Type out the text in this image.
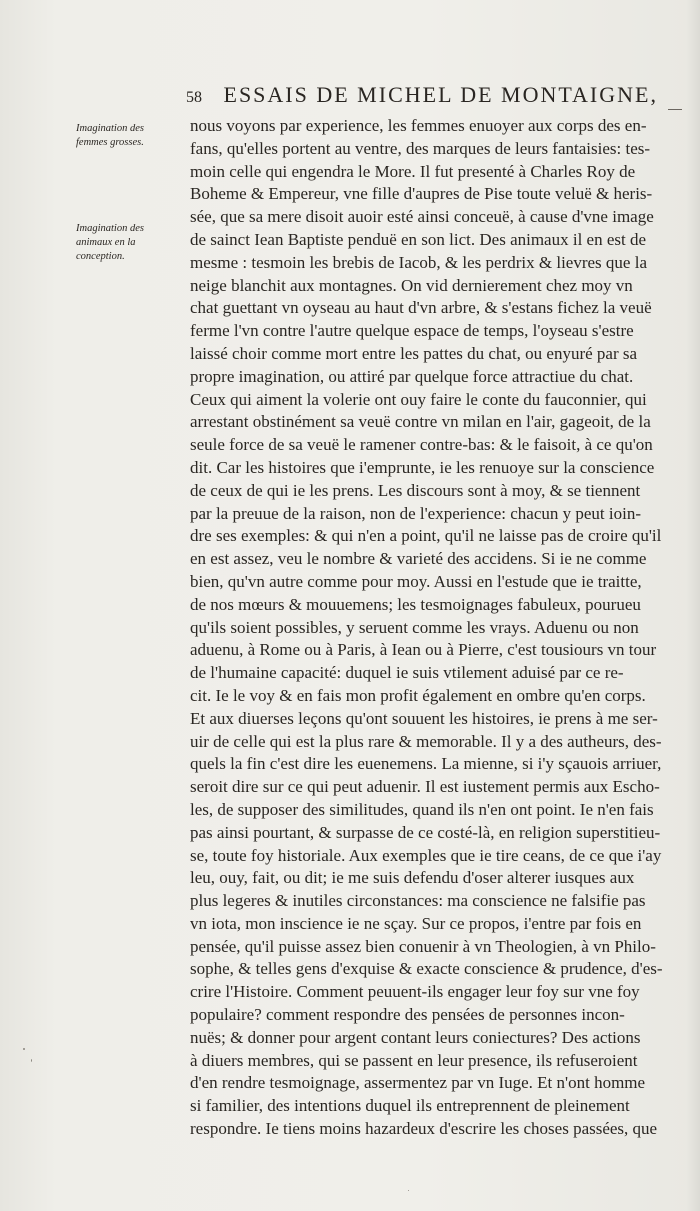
58 ESSAIS DE MICHEL DE MONTAIGNE,
Imagination des femmes grosses.
Imagination des animaux en la conception.
nous voyons par experience, les femmes enuoyer aux corps des en-
fans, qu'elles portent au ventre, des marques de leurs fantaisies: tes-
moin celle qui engendra le More. Il fut presenté à Charles Roy de
Boheme & Empereur, vne fille d'aupres de Pise toute veluë & heris-
sée, que sa mere disoit auoir esté ainsi conceuë, à cause d'vne image
de sainct Iean Baptiste penduë en son lict. Des animaux il en est de
mesme : tesmoin les brebis de Iacob, & les perdrix & lievres que la
neige blanchit aux montagnes. On vid dernierement chez moy vn
chat guettant vn oyseau au haut d'vn arbre, & s'estans fichez la veuë
ferme l'vn contre l'autre quelque espace de temps, l'oyseau s'estre
laissé choir comme mort entre les pattes du chat, ou enyuré par sa
propre imagination, ou attiré par quelque force attractiue du chat.
Ceux qui aiment la volerie ont ouy faire le conte du fauconnier, qui
arrestant obstinément sa veuë contre vn milan en l'air, gageoit, de la
seule force de sa veuë le ramener contre-bas: & le faisoit, à ce qu'on
dit. Car les histoires que i'emprunte, ie les renuoye sur la conscience
de ceux de qui ie les prens. Les discours sont à moy, & se tiennent
par la preuue de la raison, non de l'experience: chacun y peut ioin-
dre ses exemples: & qui n'en a point, qu'il ne laisse pas de croire qu'il
en est assez, veu le nombre & varieté des accidens. Si ie ne comme
bien, qu'vn autre comme pour moy. Aussi en l'estude que ie traitte,
de nos mœurs & mouuemens; les tesmoignages fabuleux, pourueu
qu'ils soient possibles, y seruent comme les vrays. Aduenu ou non
aduenu, à Rome ou à Paris, à Iean ou à Pierre, c'est tousiours vn tour
de l'humaine capacité: duquel ie suis vtilement aduisé par ce re-
cit. Ie le voy & en fais mon profit également en ombre qu'en corps.
Et aux diuerses leçons qu'ont souuent les histoires, ie prens à me ser-
uir de celle qui est la plus rare & memorable. Il y a des autheurs, des-
quels la fin c'est dire les euenemens. La mienne, si i'y sçauois arriuer,
seroit dire sur ce qui peut aduenir. Il est iustement permis aux Escho-
les, de supposer des similitudes, quand ils n'en ont point. Ie n'en fais
pas ainsi pourtant, & surpasse de ce costé-là, en religion superstitieu-
se, toute foy historiale. Aux exemples que ie tire ceans, de ce que i'ay
leu, ouy, fait, ou dit; ie me suis defendu d'oser alterer iusques aux
plus legeres & inutiles circonstances: ma conscience ne falsifie pas
vn iota, mon inscience ie ne sçay. Sur ce propos, i'entre par fois en
pensée, qu'il puisse assez bien conuenir à vn Theologien, à vn Philo-
sophe, & telles gens d'exquise & exacte conscience & prudence, d'es-
crire l'Histoire. Comment peuuent-ils engager leur foy sur vne foy
populaire? comment respondre des pensées de personnes incon-
nuës; & donner pour argent contant leurs coniectures? Des actions
à diuers membres, qui se passent en leur presence, ils refuseroient
d'en rendre tesmoignage, assermentez par vn Iuge. Et n'ont homme
si familier, des intentions duquel ils entreprennent de pleinement
respondre. Ie tiens moins hazardeux d'escrire les choses passées, que
